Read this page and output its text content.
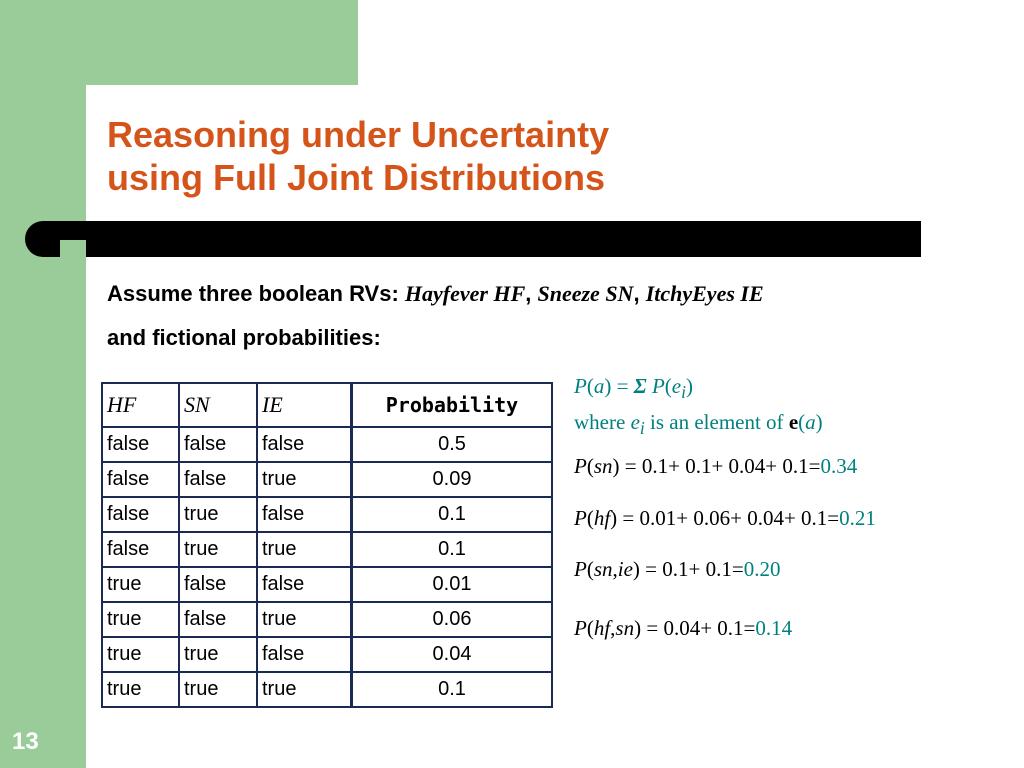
Reasoning under Uncertainty
using Full Joint Distributions
Assume three boolean RVs: Hayfever HF, Sneeze SN, ItchyEyes IE
and fictional probabilities:
HF	SN	IE	Probability
false	false	false	0.5
false	false	true	0.09
false	true	false	0.1
false	true	true	0.1
true	false	false	0.01
true	false	true	0.06
true	true	false	0.04
true	true	true	0.1
P(a) = Σ $P(e_i)$
where $e_i$ is an element of e(a)
P(sn) = 0.1+ 0.1+ 0.04+ 0.1=0.34
P(hf) = 0.01+ 0.06+ 0.04+ 0.1=0.21
P(sn,ie) = 0.1+ 0.1=0.20
P(hf,sn) = 0.04+ 0.1=0.14
13
